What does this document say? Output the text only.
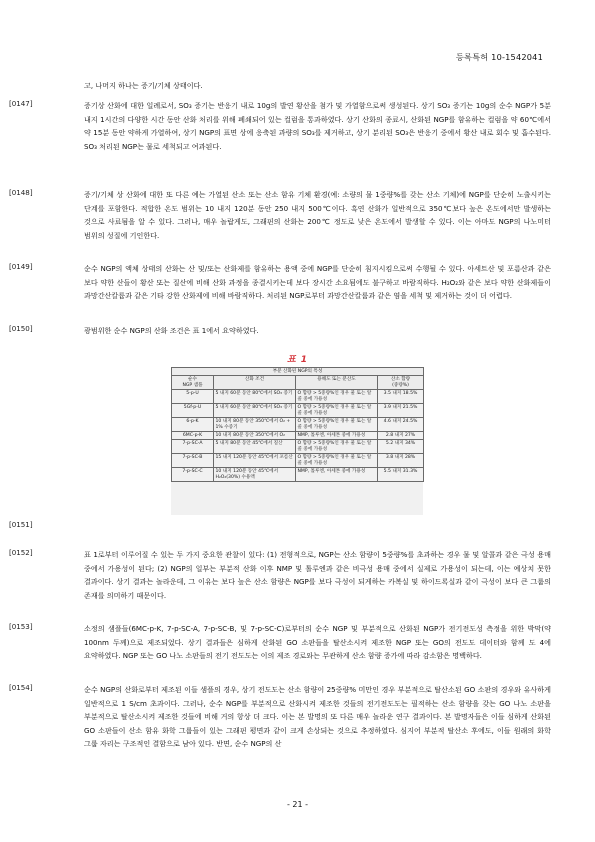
등록특허 10-1542041
고, 나머지 하나는 증기/기체 상태이다.
[0147]	증기상 산화에 대한 일례로서, SO₃ 증기는 반응기 내로 10g의 발연 황산을 첨가 및 가열함으로써 생성된다. 상기 SO₃ 증기는 10g의 순수 NGP가 5분 내지 1시간의 다양한 시간 동안 산화 처리를 위해 폐쇄되어 있는 컬럼을 통과하였다. 상기 산화의 종료시, 산화된 NGP를 함유하는 컬럼을 약 60℃에서 약 15분 동안 약하게 가열하여, 상기 NGP의 표면 상에 응축된 과량의 SO₃를 제거하고, 상기 분리된 SO₃은 반응기 중에서 황산 내로 회수 및 흡수된다. SO₃ 처리된 NGP는 물로 세척되고 여과된다.
[0148]	증기/기체 상 산화에 대한 또 다른 예는 가열된 산소 또는 산소 함유 기체 환경(예: 소량의 물 1중량%를 갖는 산소 기체)에 NGP를 단순히 노출시키는 단계를 포함한다. 적합한 온도 범위는 10 내지 120분 동안 250 내지 500℃이다. 흑연 산화가 일반적으로 350℃보다 높은 온도에서만 발생하는 것으로 사료됨을 알 수 있다. 그러나, 매우 놀랍게도, 그래핀의 산화는 200℃ 정도로 낮은 온도에서 발생할 수 있다. 이는 아마도 NGP의 나노미터 범위의 성질에 기인한다.
[0149]	순수 NGP의 액체 상태의 산화는 산 및/또는 산화제를 함유하는 용액 중에 NGP를 단순히 침지시킴으로써 수행될 수 있다. 아세트산 및 포름산과 같은 보다 약한 산들이 황산 또는 질산에 비해 산화 과정을 종결시키는데 보다 장시간 소요됨에도 불구하고 바람직하다. H₂O₂와 같은 보다 약한 산화제들이 과망간산칼륨과 같은 기타 강한 산화제에 비해 바람직하다. 처리된 NGP로부터 과망간산칼륨과 같은 염을 세척 및 제거하는 것이 더 어렵다.
[0150]	광범위한 순수 NGP의 산화 조건은 표 1에서 요약하였다.
표 1
부분 산화된 NGP의 특성			
순수
NGP 샘플	산화 조건	용해도 또는 분산도	산소 함량
(중량%)
5-p-U	5 내지 60분 동안 80℃에서 SO₃ 증기	O 함량 > 5중량%인 경우 물 또는 알콜 중에 가용성	3.5 내지 18.5%
5Gf-p-U	5 내지 60분 동안 80℃에서 SO₃ 증기	O 함량 > 5중량%인 경우 물 또는 알콜 중에 가용성	3.9 내지 21.5%
6-p-K	10 내지 80분 동안 350℃에서 O₂ + 1% 수증기	O 함량 > 5중량%인 경우 물 또는 알콜 중에 가용성	4.6 내지 24.5%
6MC-p-K	10 내지 80분 동안 350℃에서 O₂	NMP, 톨루엔, 아세톤 중에 가용성	2.8 내지 27%
7-p-SC-A	5 내지 80분 동안 45℃에서 질산	O 함량 > 5중량%인 경우 물 또는 알콜 중에 가용성	5.2 내지 34%
7-p-SC-B	15 내지 120분 동안 45℃에서 포름산	O 함량 > 5중량%인 경우 물 또는 알콜 중에 가용성	3.8 내지 28%
7-p-SC-C	10 내지 120분 동안 45℃에서 H₂O₂(30%) 수용액	NMP, 톨루엔, 아세톤 중에 가용성	5.5 내지 31.3%
[0151]
[0152]	표 1로부터 이루어질 수 있는 두 가지 중요한 관찰이 있다: (1) 전형적으로, NGP는 산소 함량이 5중량%를 초과하는 경우 물 및 알콜과 같은 극성 용매 중에서 가용성이 된다; (2) NGP의 일부는 부분적 산화 이후 NMP 및 톨루엔과 같은 비극성 용매 중에서 실제로 가용성이 되는데, 이는 예상치 못한 결과이다. 상기 결과는 놀라운데, 그 이유는 보다 높은 산소 함량은 NGP를 보다 극성이 되게하는 카복실 및 하이드록실과 같이 극성이 보다 큰 그룹의 존재를 의미하기 때문이다.
[0153]	소정의 샘플들(6MC-p-K, 7-p-SC-A, 7-p-SC-B, 및 7-p-SC-C)로부터의 순수 NGP 및 부분적으로 산화된 NGP가 전기전도성 측정을 위한 박막(약 100nm 두께)으로 제조되었다. 상기 결과들은 심하게 산화된 GO 소판들을 탈산소시켜 제조한 NGP 또는 GO의 전도도 데이터와 함께 도 4에 요약하였다. NGP 또는 GO 나노 소판들의 전기 전도도는 이의 제조 경로와는 무관하게 산소 함량 증가에 따라 감소함은 명백하다.
[0154]	순수 NGP의 산화로부터 제조된 이들 샘플의 경우, 상기 전도도는 산소 함량이 25중량% 미만인 경우 부분적으로 탈산소된 GO 소판의 경우와 유사하게 일반적으로 1 S/cm 초과이다. 그러나, 순수 NGP를 부분적으로 산화시켜 제조한 것들의 전기전도도는 필적하는 산소 함량을 갖는 GO 나노 소판을 부분적으로 탈산소시켜 제조한 것들에 비해 거의 항상 더 크다. 이는 본 발명의 또 다른 매우 놀라운 연구 결과이다. 본 발명자들은 이들 심하게 산화된 GO 소판들이 산소 함유 화학 그룹들이 있는 그래핀 평면과 같이 크게 손상되는 것으로 추정하였다. 심지어 부분적 탈산소 후에도, 이들 원래의 화학 그룹 자리는 구조적인 결함으로 남아 있다. 반면, 순수 NGP의 산
- 21 -
